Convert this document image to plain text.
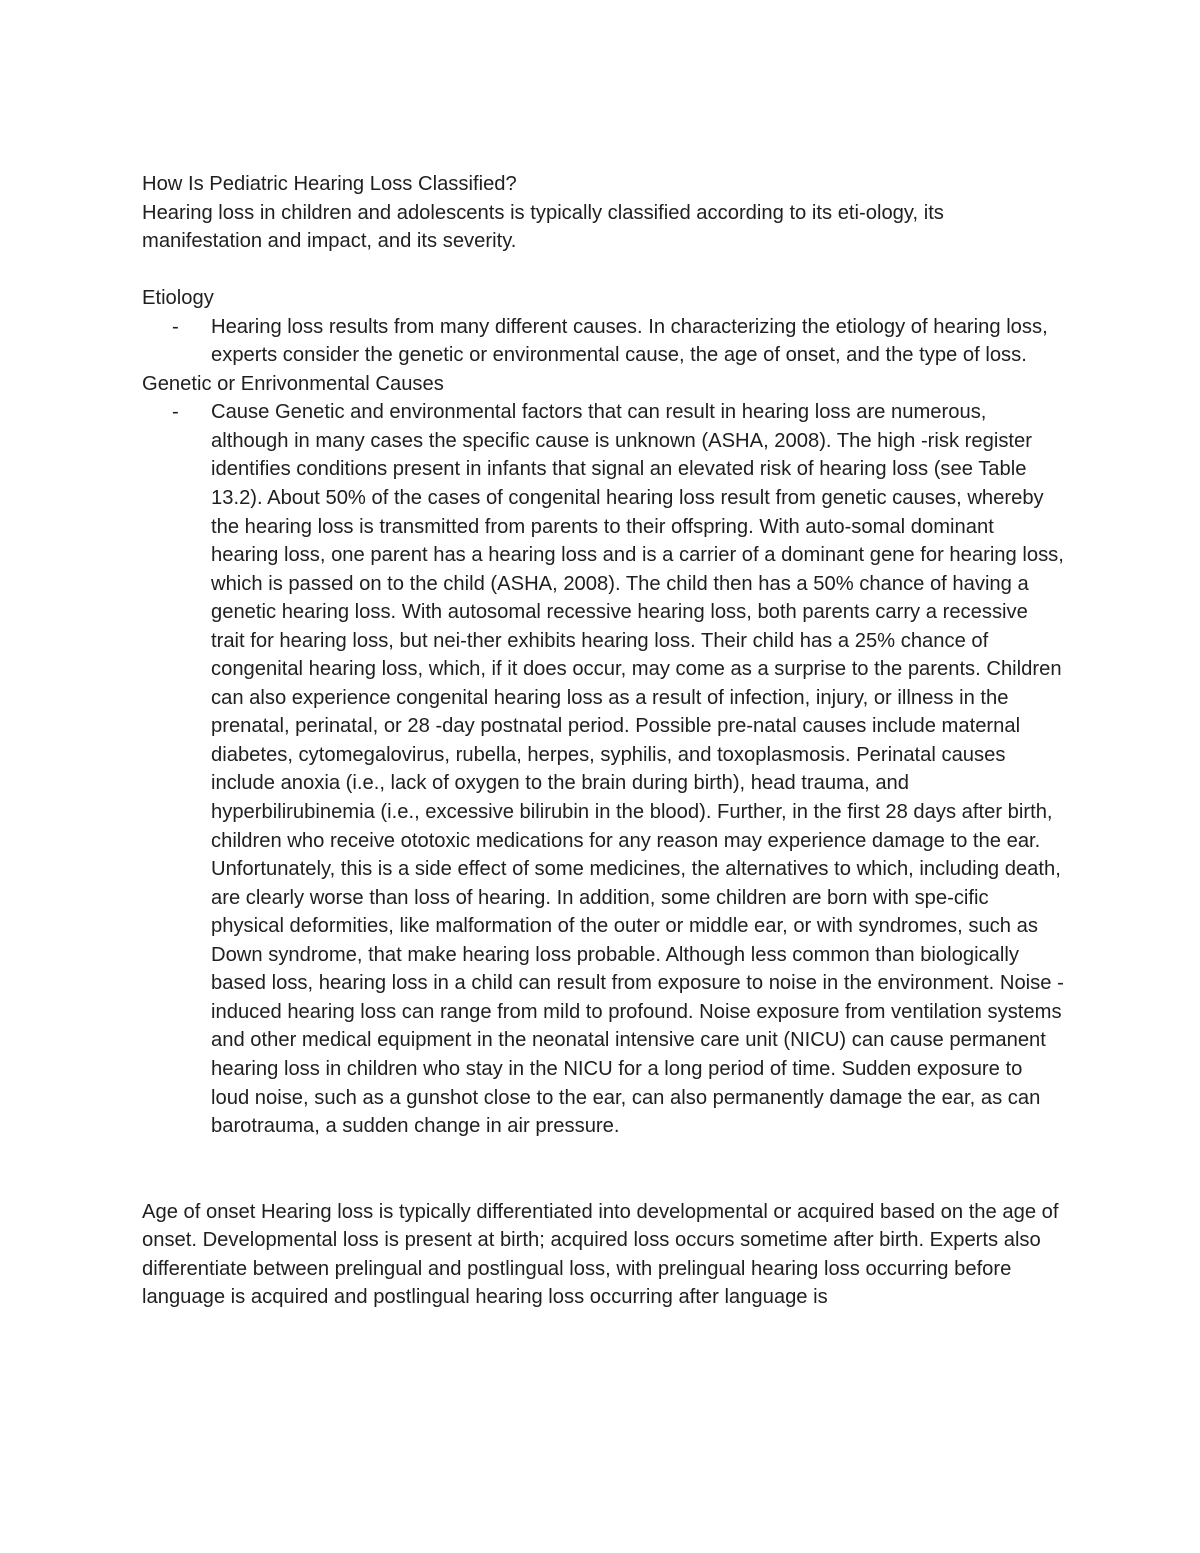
How Is Pediatric Hearing Loss Classified?

Hearing loss in children and adolescents is typically classified according to its eti-ology, its manifestation and impact, and its severity.

Etiology

- Hearing loss results from many different causes. In characterizing the etiology of hearing loss, experts consider the genetic or environmental cause, the age of onset, and the type of loss.

Genetic or Enrivonmental Causes

- Cause Genetic and environmental factors that can result in hearing loss are numerous, although in many cases the specific cause is unknown (ASHA, 2008). The high -risk register identifies conditions present in infants that signal an elevated risk of hearing loss (see Table 13.2). About 50% of the cases of congenital hearing loss result from genetic causes, whereby the hearing loss is transmitted from parents to their offspring. With auto-somal dominant hearing loss, one parent has a hearing loss and is a carrier of a dominant gene for hearing loss, which is passed on to the child (ASHA, 2008). The child then has a 50% chance of having a genetic hearing loss. With autosomal recessive hearing loss, both parents carry a recessive trait for hearing loss, but nei-ther exhibits hearing loss. Their child has a 25% chance of congenital hearing loss, which, if it does occur, may come as a surprise to the parents. Children can also experience congenital hearing loss as a result of infection, injury, or illness in the prenatal, perinatal, or 28 -day postnatal period. Possible pre-natal causes include maternal diabetes, cytomegalovirus, rubella, herpes, syphilis, and toxoplasmosis. Perinatal causes include anoxia (i.e., lack of oxygen to the brain during birth), head trauma, and hyperbilirubinemia (i.e., excessive bilirubin in the blood). Further, in the first 28 days after birth, children who receive ototoxic medications for any reason may experience damage to the ear. Unfortunately, this is a side effect of some medicines, the alternatives to which, including death, are clearly worse than loss of hearing. In addition, some children are born with spe-cific physical deformities, like malformation of the outer or middle ear, or with syndromes, such as Down syndrome, that make hearing loss probable. Although less common than biologically based loss, hearing loss in a child can result from exposure to noise in the environment. Noise -induced hearing loss can range from mild to profound. Noise exposure from ventilation systems and other medical equipment in the neonatal intensive care unit (NICU) can cause permanent hearing loss in children who stay in the NICU for a long period of time. Sudden exposure to loud noise, such as a gunshot close to the ear, can also permanently damage the ear, as can barotrauma, a sudden change in air pressure.

Age of onset Hearing loss is typically differentiated into developmental or acquired based on the age of onset. Developmental loss is present at birth; acquired loss occurs sometime after birth. Experts also differentiate between prelingual and postlingual loss, with prelingual hearing loss occurring before language is acquired and postlingual hearing loss occurring after language is
